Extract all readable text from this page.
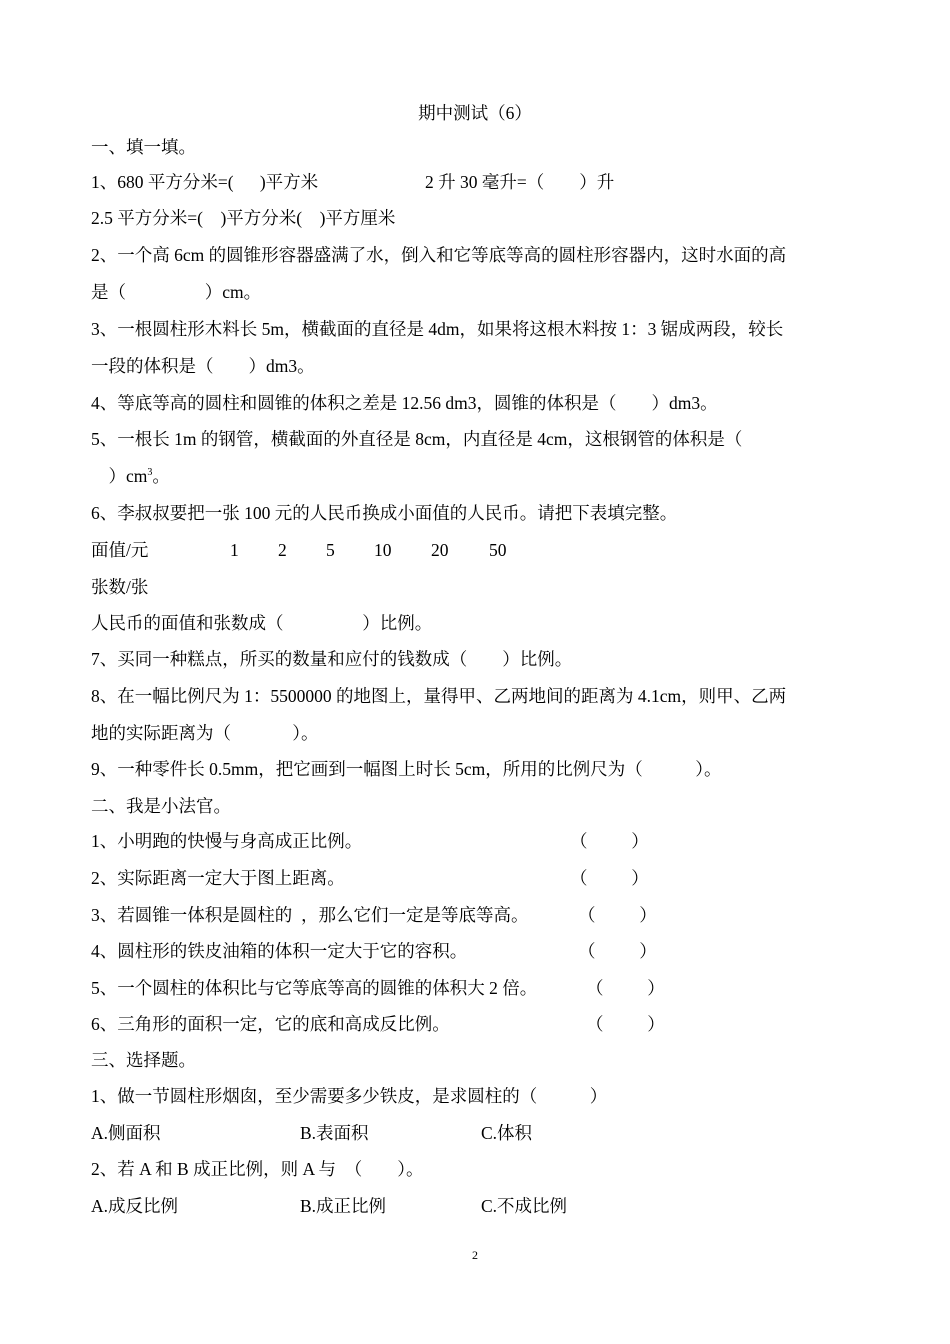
期中测试（6）
一、填一填。
1、680 平方分米=(      )平方米	2 升 30 毫升=（        ）升
2.5 平方分米=(    )平方分米(    )平方厘米
2、一个高 6cm 的圆锥形容器盛满了水，倒入和它等底等高的圆柱形容器内，这时水面的高
是（                  ）cm。
3、一根圆柱形木料长 5m，横截面的直径是 4dm，如果将这根木料按 1：3 锯成两段，较长
一段的体积是（        ）dm3。
4、等底等高的圆柱和圆锥的体积之差是 12.56 dm3，圆锥的体积是（        ）dm3。
5、一根长 1m 的钢管，横截面的外直径是 8cm，内直径是 4cm，这根钢管的体积是（
）$cm^3$。
6、李叔叔要把一张 100 元的人民币换成小面值的人民币。请把下表填完整。
面值/元	1 2 5 10 20 50
张数/张
人民币的面值和张数成（                  ）比例。
7、买同一种糕点，所买的数量和应付的钱数成（        ）比例。
8、在一幅比例尺为 1：5500000 的地图上，量得甲、乙两地间的距离为 4.1cm，则甲、乙两
地的实际距离为（              ）。
9、一种零件长 0.5mm，把它画到一幅图上时长 5cm，所用的比例尺为（            ）。
二、我是小法官。
1、小明跑的快慢与身高成正比例。	（          ）
2、实际距离一定大于图上距离。	（          ）
3、若圆锥一体积是圆柱的  ，那么它们一定是等底等高。	（          ）
4、圆柱形的铁皮油箱的体积一定大于它的容积。	（          ）
5、一个圆柱的体积比与它等底等高的圆锥的体积大 2 倍。	（          ）
6、三角形的面积一定，它的底和高成反比例。	（          ）
三、选择题。
1、做一节圆柱形烟囱，至少需要多少铁皮，是求圆柱的（            ）
A.侧面积	B.表面积	C.体积
2、若 A 和 B 成正比例，则 A 与  （        ）。
A.成反比例	B.成正比例	C.不成比例
2
